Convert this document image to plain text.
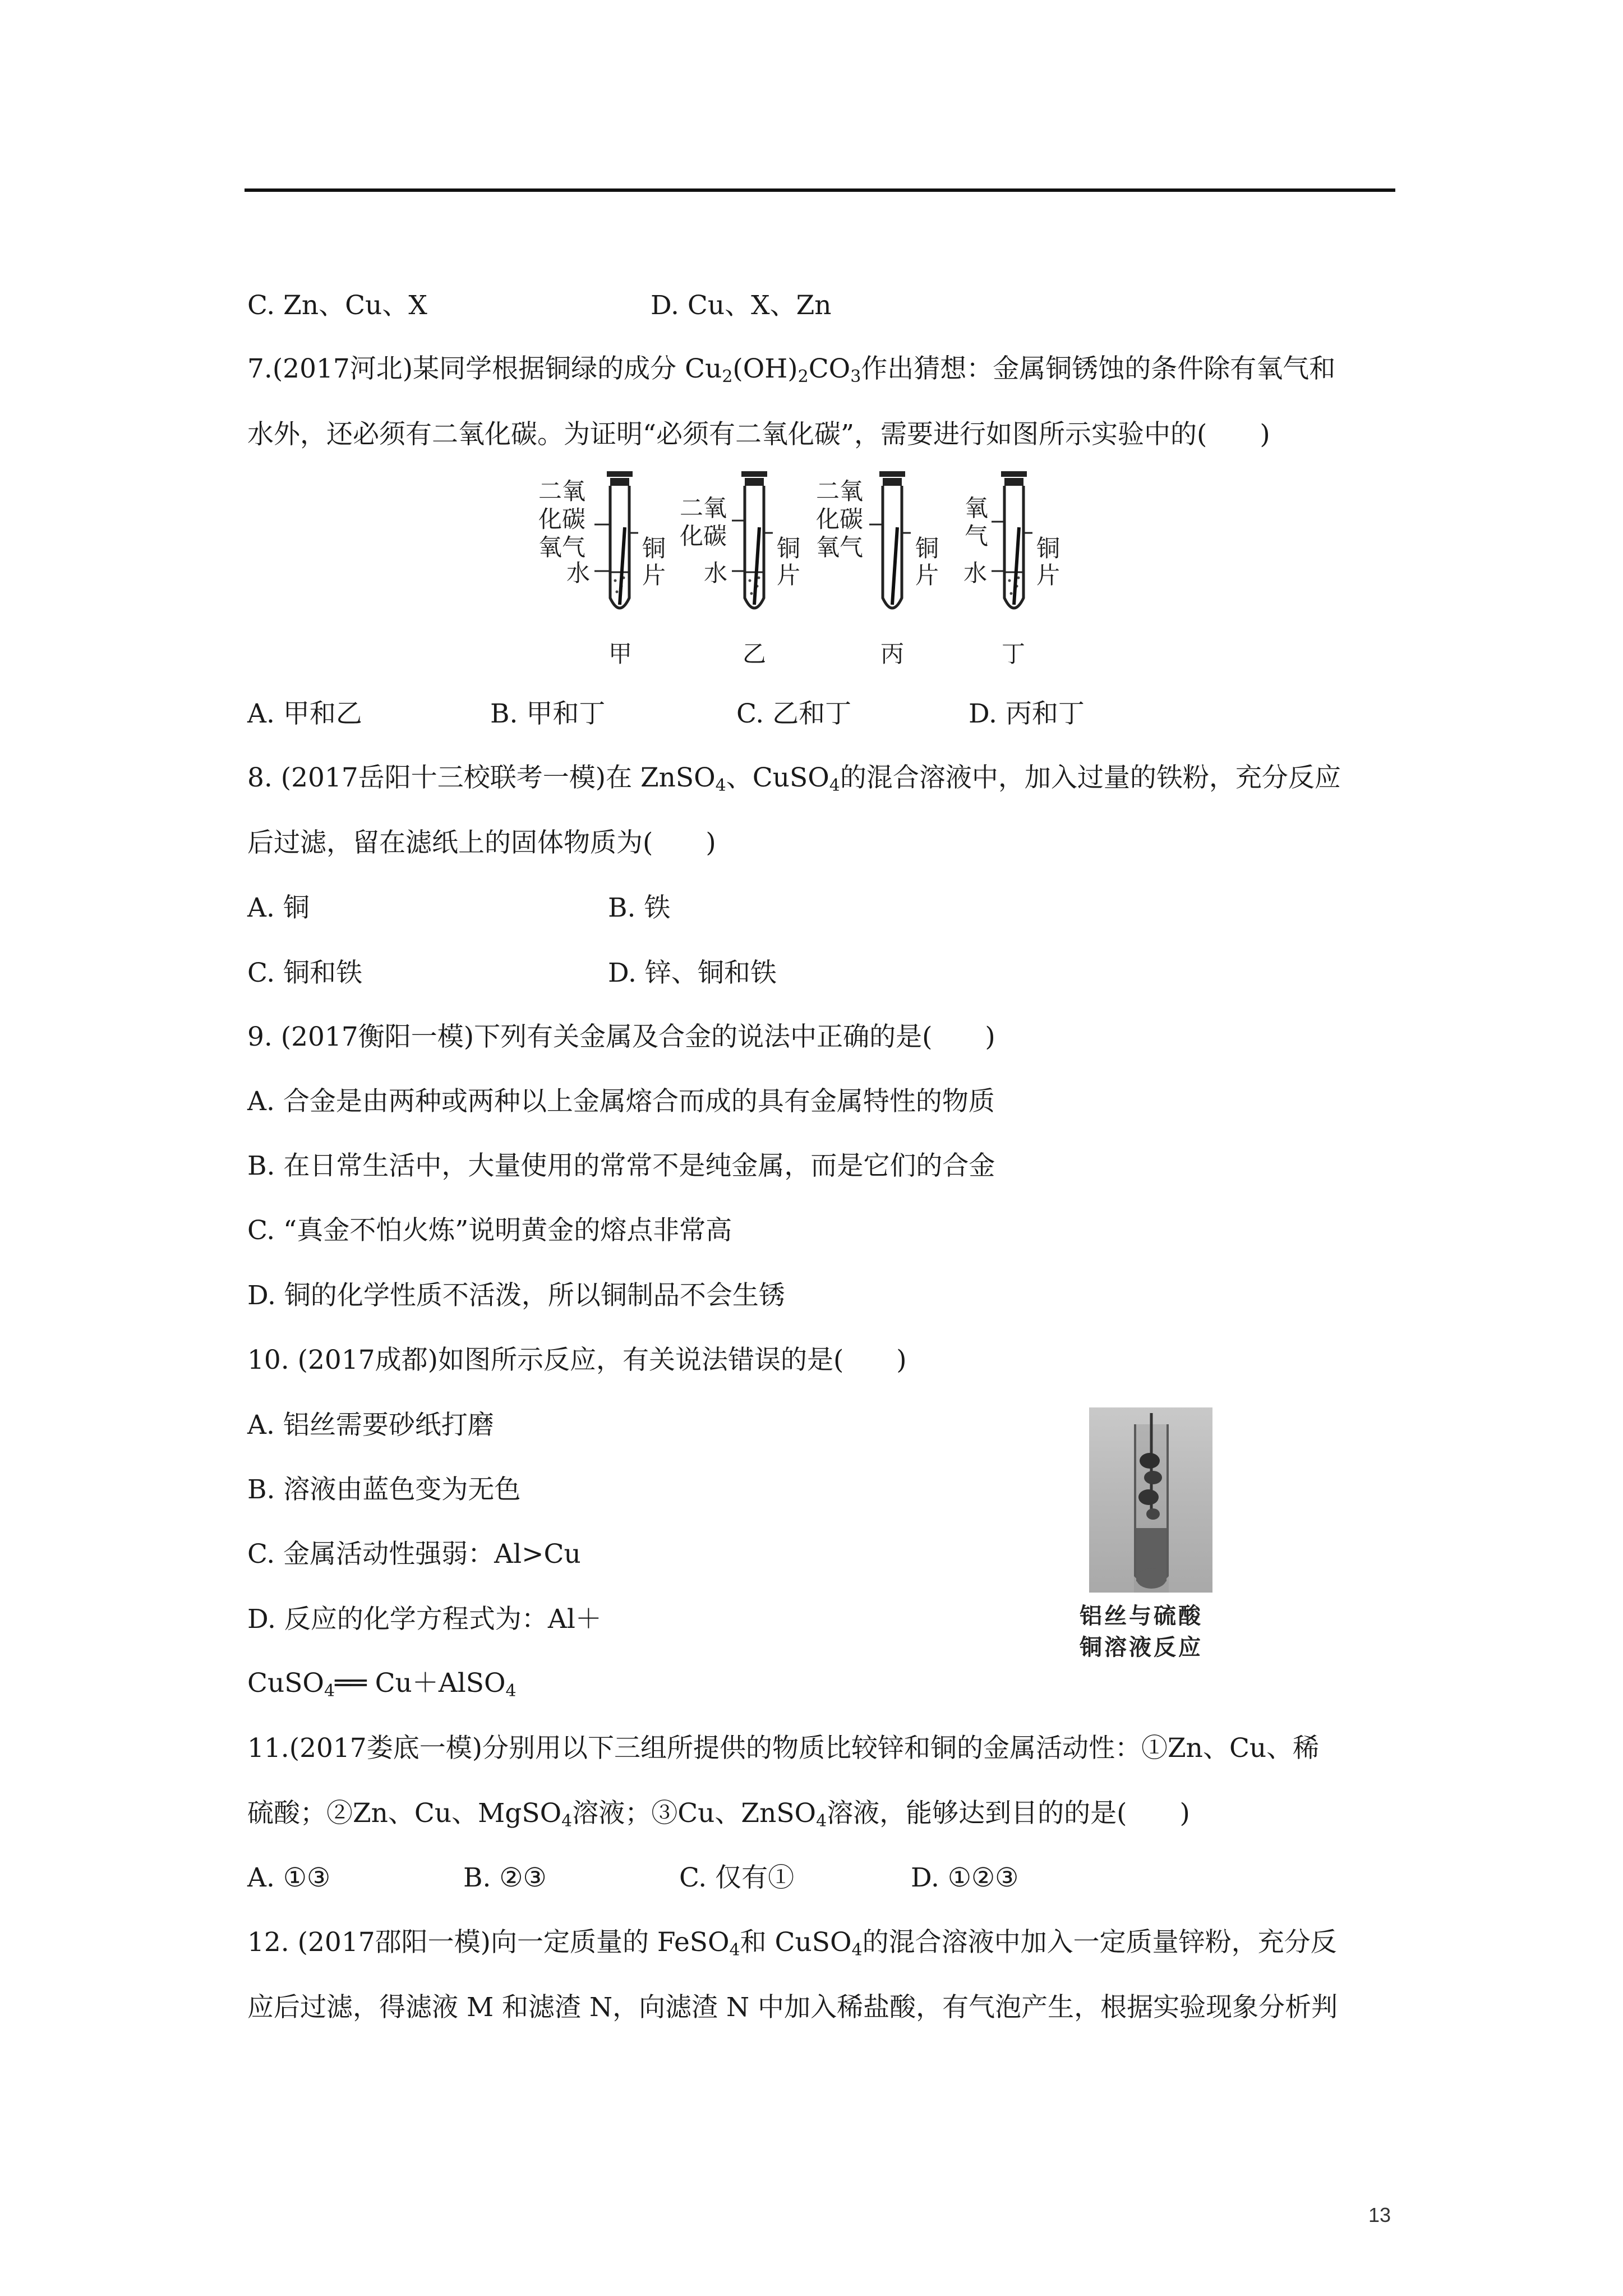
C. Zn、Cu、X	D. Cu、X、Zn
7.(2017河北)某同学根据铜绿的成分 $Cu_2(OH)_2CO_3$作出猜想：金属铜锈蚀的条件除有氧气和
水外，还必须有二氧化碳。为证明“必须有二氧化碳”，需要进行如图所示实验中的(　　)
二氧
化碳
氧气
水
铜
片
甲
二氧
化碳
水
铜
片
乙
二氧
化碳
氧气 铜
片
丙
氧
气
水
铜
片
丁
A. 甲和乙	B. 甲和丁	C. 乙和丁	D. 丙和丁
8. (2017岳阳十三校联考一模)在 ZnSO$_4$、CuSO$_4$的混合溶液中，加入过量的铁粉，充分反应
后过滤，留在滤纸上的固体物质为(　　)
A. 铜	B. 铁
C. 铜和铁	D. 锌、铜和铁
9. (2017衡阳一模)下列有关金属及合金的说法中正确的是(　　)
A. 合金是由两种或两种以上金属熔合而成的具有金属特性的物质
B. 在日常生活中，大量使用的常常不是纯金属，而是它们的合金
C. “真金不怕火炼”说明黄金的熔点非常高
D. 铜的化学性质不活泼，所以铜制品不会生锈
10. (2017成都)如图所示反应，有关说法错误的是(　　)
A. 铝丝需要砂纸打磨
B. 溶液由蓝色变为无色
C. 金属活动性强弱：Al>Cu
D. 反应的化学方程式为：Al＋
CuSO$_4$══ Cu＋AlSO$_4$
铝丝与硫酸
铜溶液反应
11.(2017娄底一模)分别用以下三组所提供的物质比较锌和铜的金属活动性：①Zn、Cu、稀
硫酸；②Zn、Cu、MgSO$_4$溶液；③Cu、ZnSO$_4$溶液，能够达到目的的是(　　)
A. ①③	B. ②③	C. 仅有①	D. ①②③
12. (2017邵阳一模)向一定质量的 FeSO$_4$和 CuSO$_4$的混合溶液中加入一定质量锌粉，充分反
应后过滤，得滤液 M 和滤渣 N，向滤渣 N 中加入稀盐酸，有气泡产生，根据实验现象分析判
13
